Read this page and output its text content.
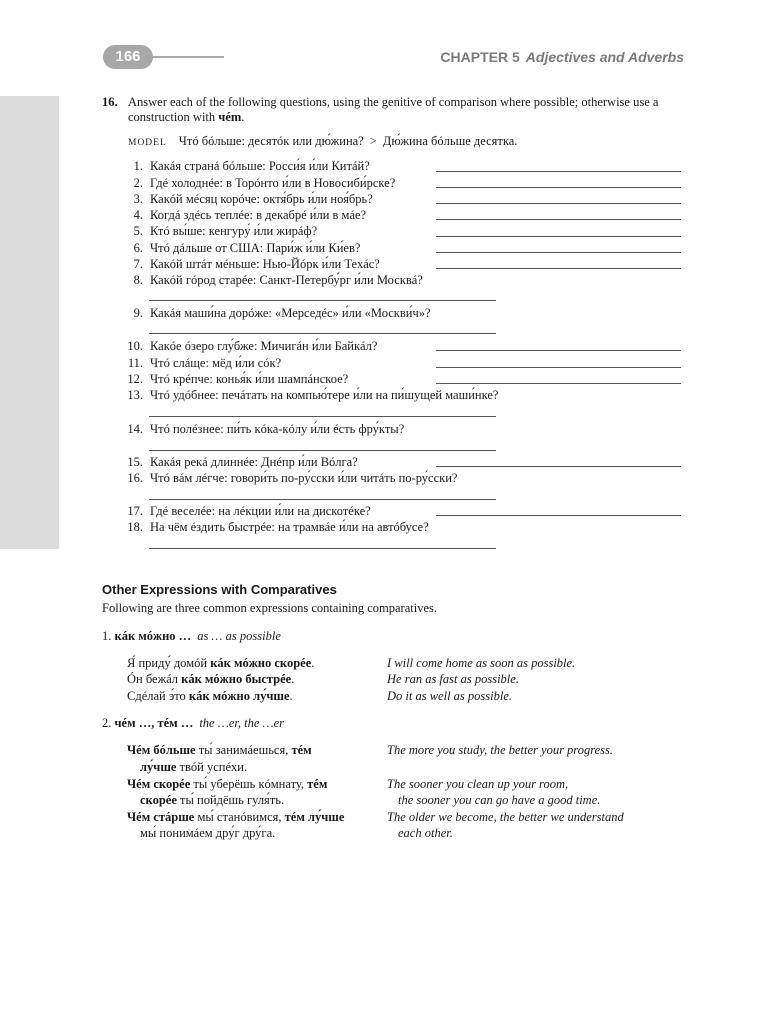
166	CHAPTER 5 Adjectives and Adverbs
16. Answer each of the following questions, using the genitive of comparison where possible; otherwise use a construction with чém.
MODEL Чтó бóльше: десятóк или дю́жина? > Дю́жина бóльше десятка.
1. Какáя странá бóльше: Росси́я и́ли Китáй?
2. Гдé холоднéе: в Торóнто и́ли в Новосиби́рске?
3. Какóй мéсяц корóче: октя́брь и́ли ноя́брь?
4. Когдá здéсь теплéе: в декабрé и́ли в мáе?
5. Ктó вы́ше: кенгуру́ и́ли жирáф?
6. Чтó дáльше от США: Пари́ж и́ли Ки́ев?
7. Какóй штáт мéньше: Нью-Йóрк и́ли Техáс?
8. Какóй гóрод старéе: Санкт-Петербу́рг и́ли Москвá?
9. Какáя маши́на дорóже: «Мерседéс» и́ли «Москви́ч»?
10. Какóе óзеро глу́бже: Мичигáн и́ли Байкáл?
11. Чтó слáще: мёд и́ли сóк?
12. Чтó крéпче: конья́к и́ли шампáнское?
13. Чтó удóбнее: печáтать на компью́тере и́ли на пи́шущей маши́нке?
14. Чтó полéзнее: пи́ть кóка-кóлу и́ли éсть фру́кты?
15. Какáя рекá длиннéе: Днéпр и́ли Вóлга?
16. Чтó вáм лéгче: говори́ть по-ру́сски и́ли читáть по-ру́сски?
17. Гдé веселéе: на лéкции и́ли на дискотéке?
18. На чём éздить быстрée: на трамвáе и́ли на автóбусе?
Other Expressions with Comparatives
Following are three common expressions containing comparatives.
1. кáк мóжно … as … as possible
Я́ приду́ домóй кáк мóжно скорée.	I will come home as soon as possible.
Óн бежáл кáк мóжно быстрée.	He ran as fast as possible.
Сдéлай э́то кáк мóжно лу́чше.	Do it as well as possible.
2. чéм …, тéм … the …er, the …er
Чéм бóльше ты́ занимáешься, тéм
лу́чше твóй успéхи.
The more you study, the better your progress.
Чéм скорée ты́ уберёшь кóмнату, тéм
скорée ты́ пойдёшь гуля́ть.
The sooner you clean up your room,
the sooner you can go have a good time.
Чéм стáрше мы́ станóвимся, тéм лу́чше
мы́ понимáем дру́г дру́га.
The older we become, the better we understand
each other.
